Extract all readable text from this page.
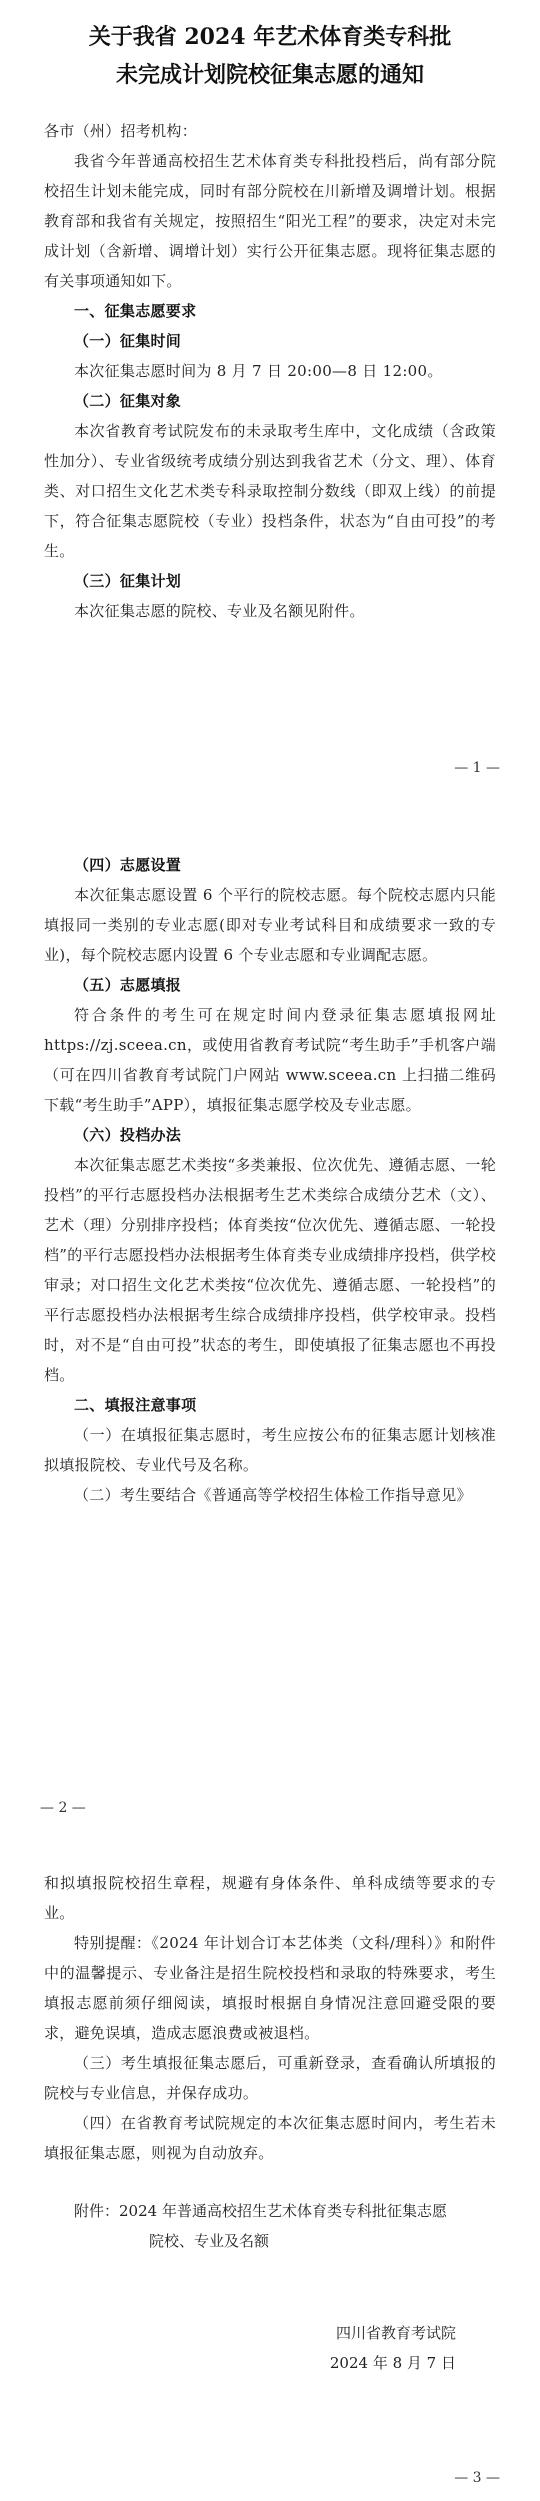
关于我省 2024 年艺术体育类专科批
未完成计划院校征集志愿的通知

各市（州）招考机构：

我省今年普通高校招生艺术体育类专科批投档后，尚有部分院校招生计划未能完成，同时有部分院校在川新增及调增计划。根据教育部和我省有关规定，按照招生“阳光工程”的要求，决定对未完成计划（含新增、调增计划）实行公开征集志愿。现将征集志愿的有关事项通知如下。

一、征集志愿要求

（一）征集时间

本次征集志愿时间为 8 月 7 日 20:00—8 日 12:00。

（二）征集对象

本次省教育考试院发布的未录取考生库中，文化成绩（含政策性加分）、专业省级统考成绩分别达到我省艺术（分文、理）、体育类、对口招生文化艺术类专科录取控制分数线（即双上线）的前提下，符合征集志愿院校（专业）投档条件，状态为“自由可投”的考生。

（三）征集计划

本次征集志愿的院校、专业及名额见附件。

— 1 —

（四）志愿设置

本次征集志愿设置 6 个平行的院校志愿。每个院校志愿内只能填报同一类别的专业志愿(即对专业考试科目和成绩要求一致的专业)，每个院校志愿内设置 6 个专业志愿和专业调配志愿。

（五）志愿填报

符合条件的考生可在规定时间内登录征集志愿填报网址https://zj.sceea.cn，或使用省教育考试院“考生助手”手机客户端（可在四川省教育考试院门户网站 www.sceea.cn 上扫描二维码下载“考生助手”APP），填报征集志愿学校及专业志愿。

（六）投档办法

本次征集志愿艺术类按“多类兼报、位次优先、遵循志愿、一轮投档”的平行志愿投档办法根据考生艺术类综合成绩分艺术（文）、艺术（理）分别排序投档；体育类按“位次优先、遵循志愿、一轮投档”的平行志愿投档办法根据考生体育类专业成绩排序投档，供学校审录；对口招生文化艺术类按“位次优先、遵循志愿、一轮投档”的平行志愿投档办法根据考生综合成绩排序投档，供学校审录。投档时，对不是“自由可投”状态的考生，即使填报了征集志愿也不再投档。

二、填报注意事项

（一）在填报征集志愿时，考生应按公布的征集志愿计划核准拟填报院校、专业代号及名称。

（二）考生要结合《普通高等学校招生体检工作指导意见》

— 2 —

和拟填报院校招生章程，规避有身体条件、单科成绩等要求的专业。

特别提醒：《2024 年计划合订本艺体类（文科/理科）》和附件中的温馨提示、专业备注是招生院校投档和录取的特殊要求，考生填报志愿前须仔细阅读，填报时根据自身情况注意回避受限的要求，避免误填，造成志愿浪费或被退档。

（三）考生填报征集志愿后，可重新登录，查看确认所填报的院校与专业信息，并保存成功。

（四）在省教育考试院规定的本次征集志愿时间内，考生若未填报征集志愿，则视为自动放弃。

附件：2024 年普通高校招生艺术体育类专科批征集志愿
院校、专业及名额

四川省教育考试院

2024 年 8 月 7 日

— 3 —
